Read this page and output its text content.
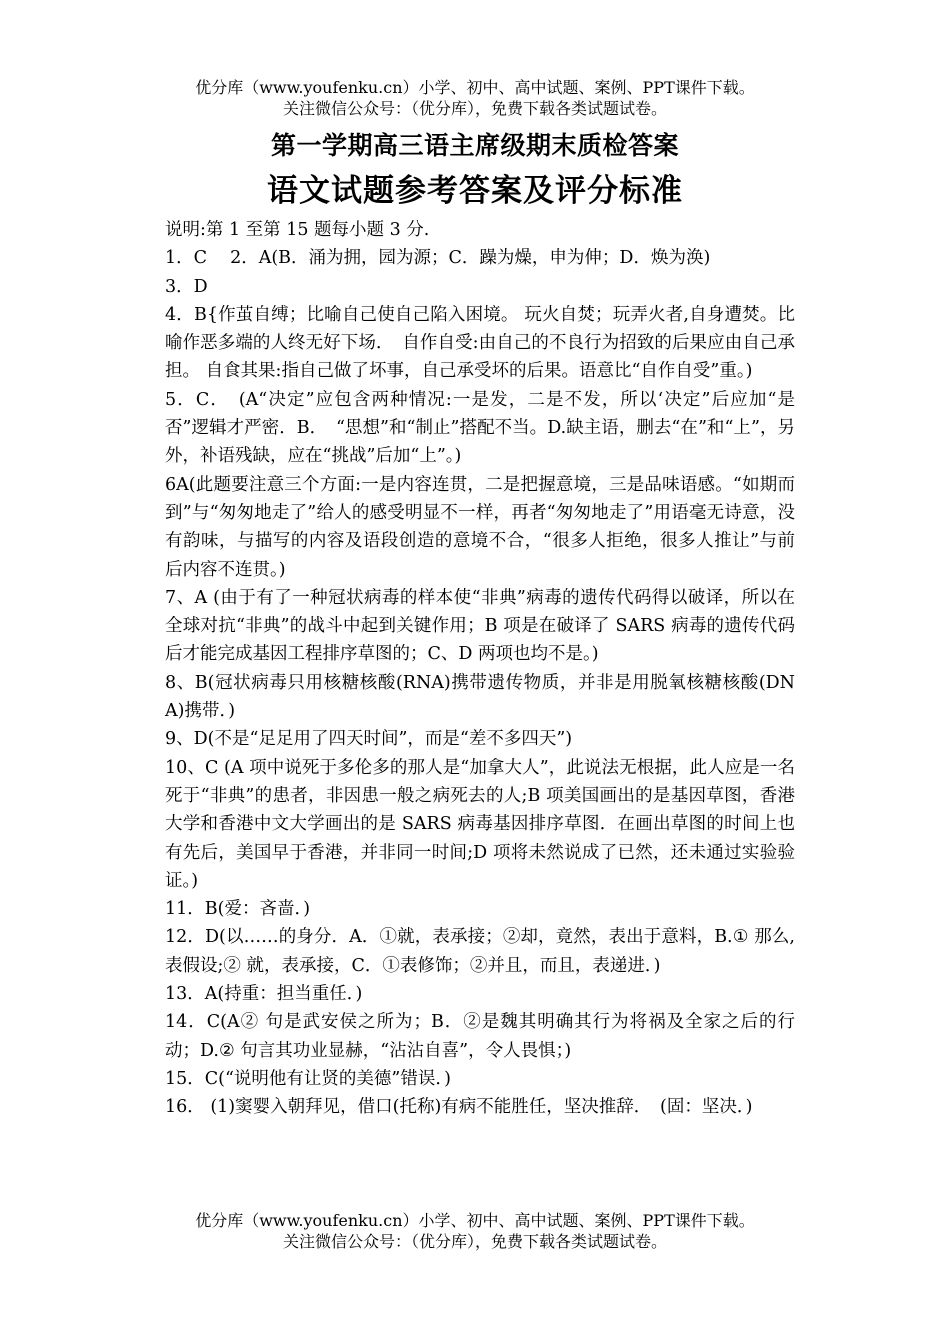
优分库（www.youfenku.cn）小学、初中、高中试题、案例、PPT课件下载。
关注微信公众号：（优分库），免费下载各类试题试卷。
第一学期高三语主席级期末质检答案
语文试题参考答案及评分标准

说明:第 1 至第 15 题每小题 3 分.

1．C　 2．A(B．涌为拥，园为源；C．躁为燥，申为伸；D．焕为涣)

3．D

4．B{作茧自缚；比喻自己使自己陷入困境。 玩火自焚；玩弄火者,自身遭焚。比喻作恶多端的人终无好下场．　自作自受:由自己的不良行为招致的后果应由自己承担。 自食其果:指自己做了坏事，自己承受坏的后果。语意比“自作自受”重。)

5．C．　(A“决定”应包含两种情况:一是发，二是不发，所以‘决定”后应加“是否”逻辑才严密．B．　“思想”和“制止”搭配不当。D.缺主语，删去“在”和“上”，另外，补语残缺，应在“挑战”后加“上”。)

6A(此题要注意三个方面:一是内容连贯，二是把握意境，三是品味语感。“如期而到”与“匆匆地走了”给人的感受明显不一样，再者“匆匆地走了”用语毫无诗意，没有韵味，与描写的内容及语段创造的意境不合，“很多人拒绝，很多人推让”与前后内容不连贯。)

7、A (由于有了一种冠状病毒的样本使“非典”病毒的遗传代码得以破译，所以在全球对抗“非典”的战斗中起到关键作用；B 项是在破译了 SARS 病毒的遗传代码后才能完成基因工程排序草图的；C、D 两项也均不是。)

8、B(冠状病毒只用核糖核酸(RNA)携带遗传物质，并非是用脱氧核糖核酸(DNA)携带．)

9、D(不是“足足用了四天时间”，而是“差不多四天”)

10、C (A 项中说死于多伦多的那人是“加拿大人”，此说法无根据，此人应是一名死于“非典”的患者，非因患一般之病死去的人;B 项美国画出的是基因草图，香港大学和香港中文大学画出的是 SARS 病毒基因排序草图．在画出草图的时间上也有先后，美国早于香港，并非同一时间;D 项将未然说成了已然，还未通过实验验证。)

11．B(爱：吝啬．)

12．D(以……的身分．A．①就，表承接；②却，竟然，表出于意料，B.① 那么,表假设;② 就，表承接，C．①表修饰；②并且，而且，表递进．)

13．A(持重：担当重任．)

14．C(A② 句是武安侯之所为；B．②是魏其明确其行为将祸及全家之后的行动；D.② 句言其功业显赫，“沾沾自喜”，令人畏惧；)

15．C(“说明他有让贤的美德”错误．)

16． (1)窦婴入朝拜见，借口(托称)有病不能胜任，坚决推辞．　(固：坚决．)

优分库（www.youfenku.cn）小学、初中、高中试题、案例、PPT课件下载。
关注微信公众号：（优分库），免费下载各类试题试卷。
